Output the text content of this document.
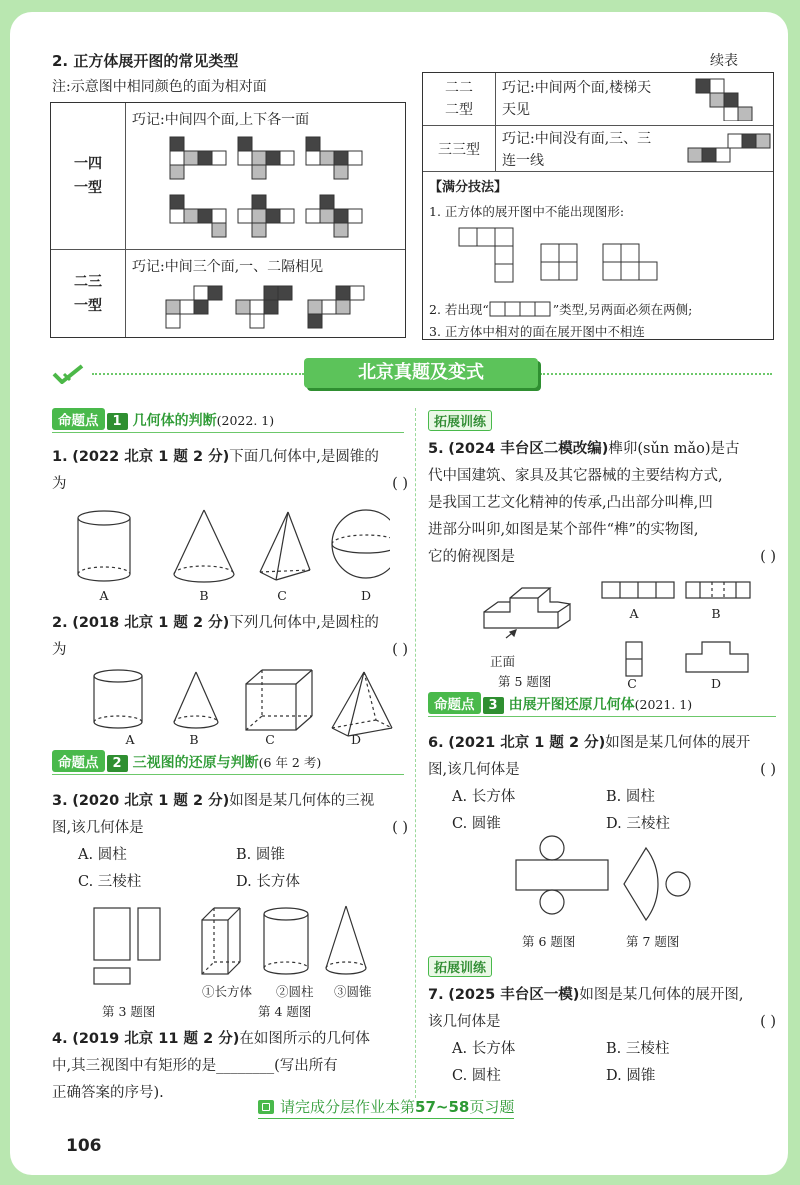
2. 正方体展开图的常见类型
注:示意图中相同颜色的面为相对面
一四
一型
巧记:中间四个面,上下各一面
二三
一型
巧记:中间三个面,一、二隔相见
续表
二二
二型
巧记:中间两个面,楼梯天
天见
三三型
巧记:中间没有面,三、三
连一线
【满分技法】
1. 正方体的展开图中不能出现图形:
2. 若出现“	”类型,另两面必须在两侧;
3. 正方体中相对的面在展开图中不相连
北京真题及变式
命题点 1 几何体的判断(2022. 1)
1. (2022 北京 1 题 2 分)下面几何体中,是圆锥的
为	( )
A	B	C	D
2. (2018 北京 1 题 2 分)下列几何体中,是圆柱的
为	( )
A	B	C	D
命题点 2 三视图的还原与判断(6 年 2 考)
3. (2020 北京 1 题 2 分)如图是某几何体的三视
图,该几何体是	( )
A. 圆柱	B. 圆锥
C. 三棱柱	D. 长方体
①长方体 ②圆柱 ③圆锥
第 3 题图	第 4 题图
4. (2019 北京 11 题 2 分)在如图所示的几何体
中,其三视图中有矩形的是________(写出所有
正确答案的序号).
拓展训练
5. (2024 丰台区二模改编)榫卯(sǔn mǎo)是古
代中国建筑、家具及其它器械的主要结构方式,
是我国工艺文化精神的传承,凸出部分叫榫,凹
进部分叫卯,如图是某个部件“榫”的实物图,
它的俯视图是	( )
正面
第 5 题图
A	B
C	D
命题点 3 由展开图还原几何体(2021. 1)
6. (2021 北京 1 题 2 分)如图是某几何体的展开
图,该几何体是	( )
A. 长方体	B. 圆柱
C. 圆锥	D. 三棱柱
第 6 题图	第 7 题图
拓展训练
7. (2025 丰台区一模)如图是某几何体的展开图,
该几何体是	( )
A. 长方体	B. 三棱柱
C. 圆柱	D. 圆锥
请完成分层作业本第 57~58 页习题
106
